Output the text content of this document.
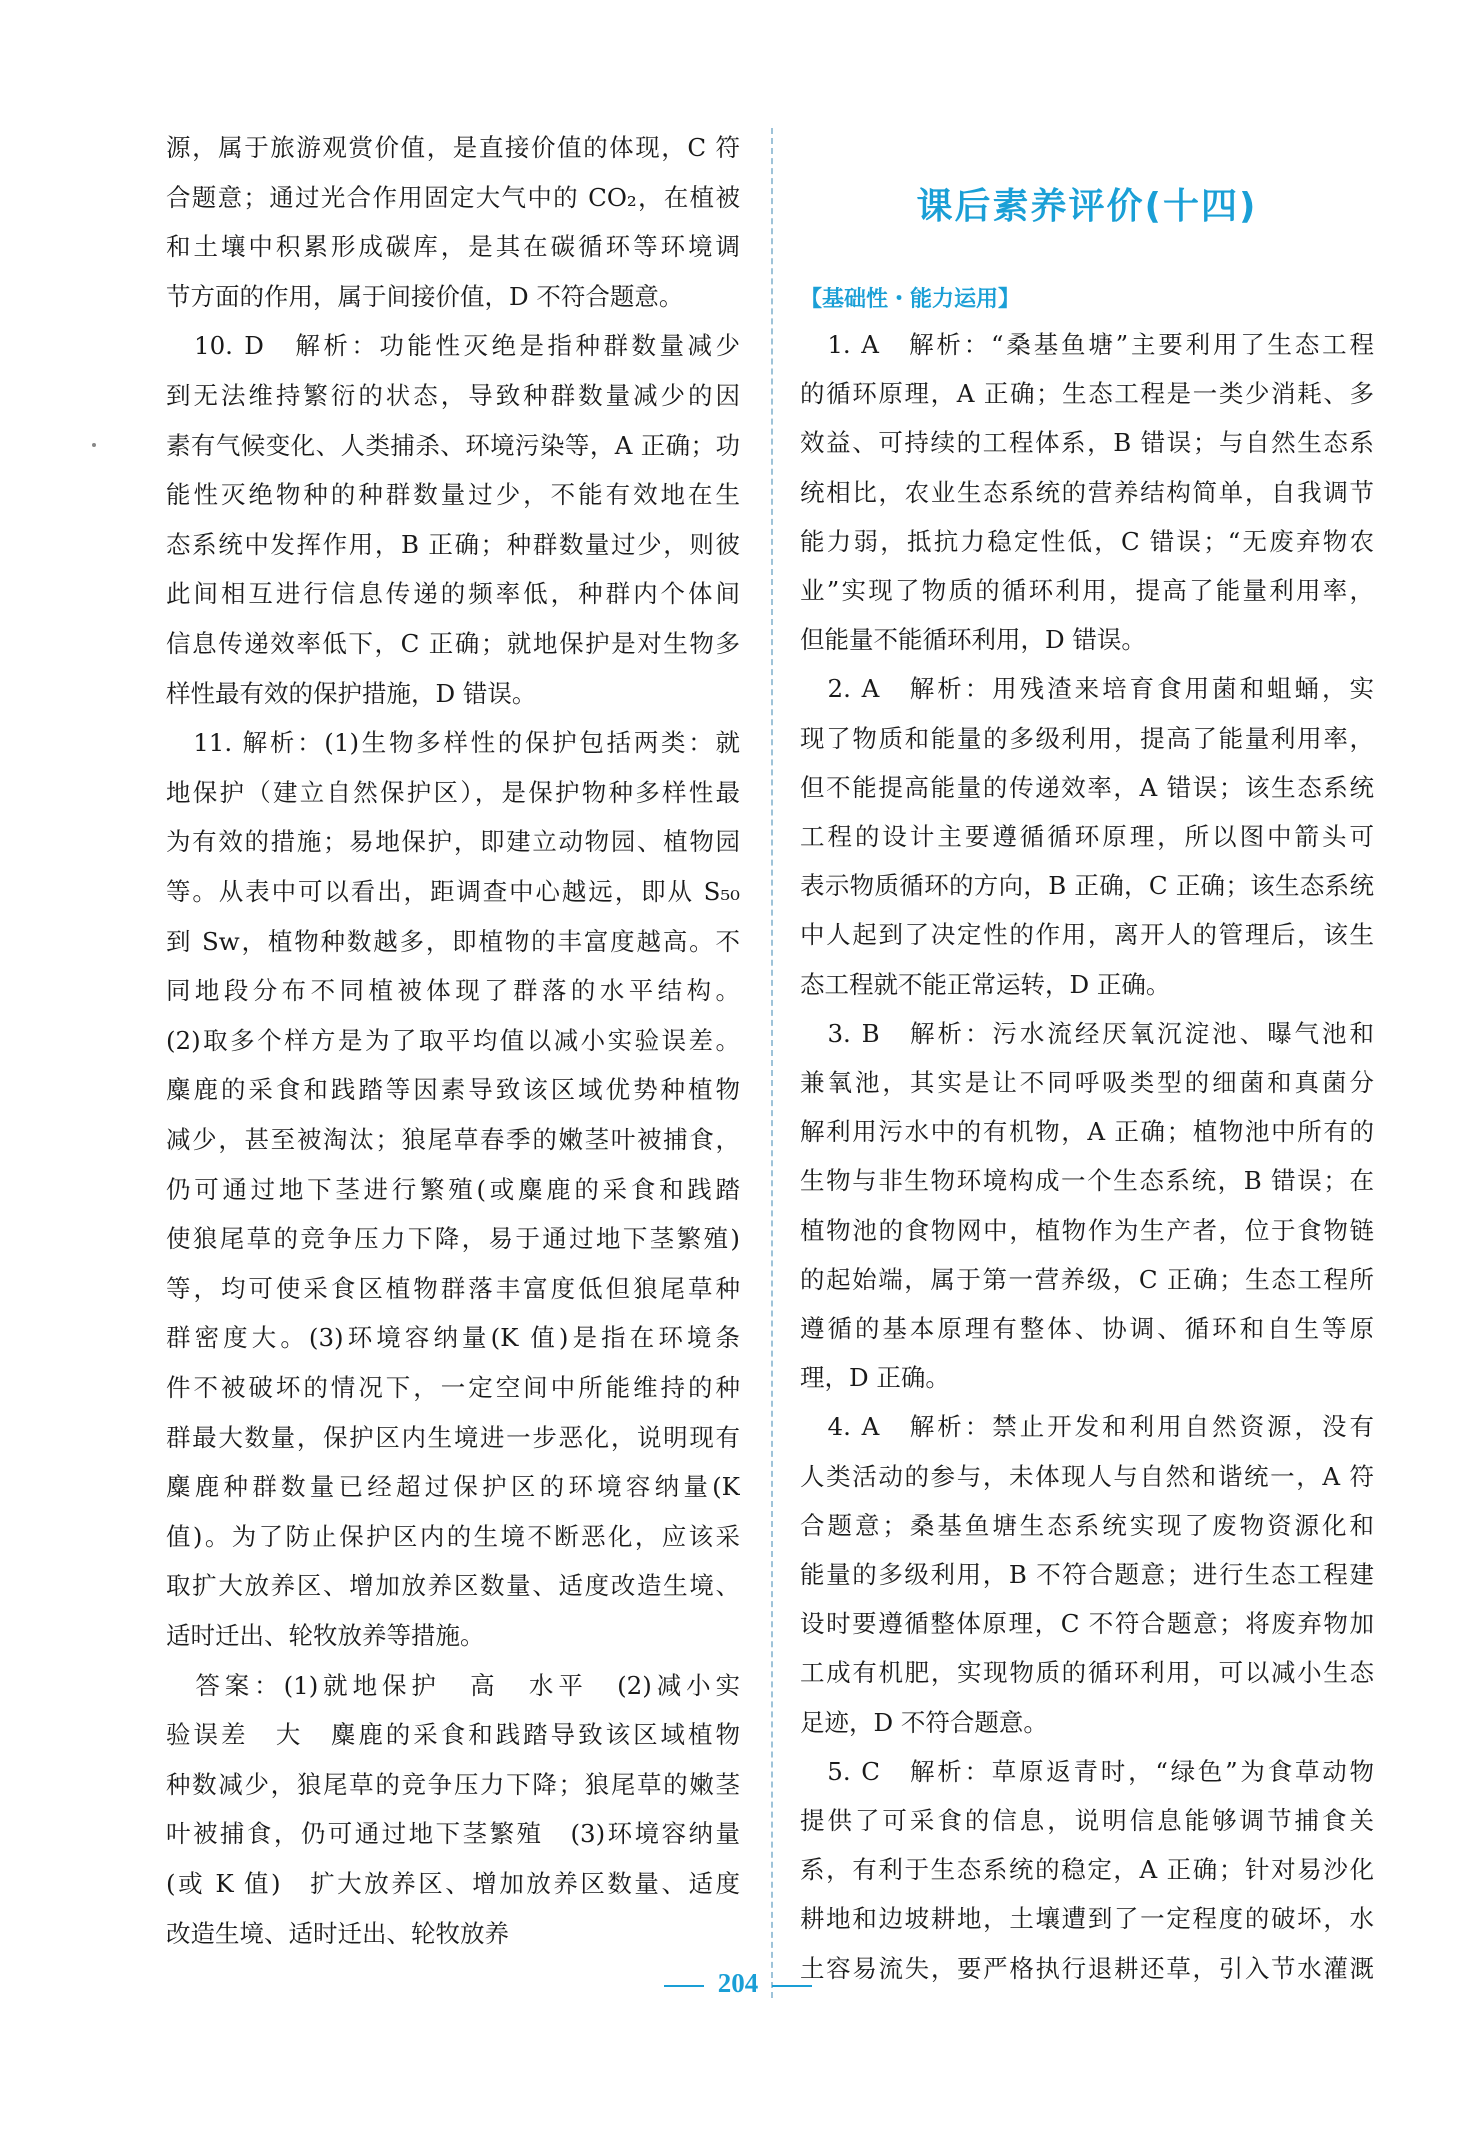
源，属于旅游观赏价值，是直接价值的体现，C 符
合题意；通过光合作用固定大气中的 CO₂，在植被
和土壤中积累形成碳库，是其在碳循环等环境调
节方面的作用，属于间接价值，D 不符合题意。
　10. D　解析：功能性灭绝是指种群数量减少
到无法维持繁衍的状态，导致种群数量减少的因
素有气候变化、人类捕杀、环境污染等，A 正确；功
能性灭绝物种的种群数量过少，不能有效地在生
态系统中发挥作用，B 正确；种群数量过少，则彼
此间相互进行信息传递的频率低，种群内个体间
信息传递效率低下，C 正确；就地保护是对生物多
样性最有效的保护措施，D 错误。
　11. 解析：(1)生物多样性的保护包括两类：就
地保护（建立自然保护区），是保护物种多样性最
为有效的措施；易地保护，即建立动物园、植物园
等。从表中可以看出，距调查中心越远，即从 S₅₀
到 Sw，植物种数越多，即植物的丰富度越高。不
同地段分布不同植被体现了群落的水平结构。
(2)取多个样方是为了取平均值以减小实验误差。
麋鹿的采食和践踏等因素导致该区域优势种植物
减少，甚至被淘汰；狼尾草春季的嫩茎叶被捕食，
仍可通过地下茎进行繁殖(或麋鹿的采食和践踏
使狼尾草的竞争压力下降，易于通过地下茎繁殖)
等，均可使采食区植物群落丰富度低但狼尾草种
群密度大。(3)环境容纳量(K 值)是指在环境条
件不被破坏的情况下，一定空间中所能维持的种
群最大数量，保护区内生境进一步恶化，说明现有
麋鹿种群数量已经超过保护区的环境容纳量(K
值)。为了防止保护区内的生境不断恶化，应该采
取扩大放养区、增加放养区数量、适度改造生境、
适时迁出、轮牧放养等措施。
　答案：(1)就地保护　高　水平　(2)减小实
验误差　大　麋鹿的采食和践踏导致该区域植物
种数减少，狼尾草的竞争压力下降；狼尾草的嫩茎
叶被捕食，仍可通过地下茎繁殖　(3)环境容纳量
(或 K 值)　扩大放养区、增加放养区数量、适度
改造生境、适时迁出、轮牧放养
课后素养评价(十四)
【基础性・能力运用】
　1. A　解析：“桑基鱼塘”主要利用了生态工程
的循环原理，A 正确；生态工程是一类少消耗、多
效益、可持续的工程体系，B 错误；与自然生态系
统相比，农业生态系统的营养结构简单，自我调节
能力弱，抵抗力稳定性低，C 错误；“无废弃物农
业”实现了物质的循环利用，提高了能量利用率，
但能量不能循环利用，D 错误。
　2. A　解析：用残渣来培育食用菌和蛆蛹，实
现了物质和能量的多级利用，提高了能量利用率，
但不能提高能量的传递效率，A 错误；该生态系统
工程的设计主要遵循循环原理，所以图中箭头可
表示物质循环的方向，B 正确，C 正确；该生态系统
中人起到了决定性的作用，离开人的管理后，该生
态工程就不能正常运转，D 正确。
　3. B　解析：污水流经厌氧沉淀池、曝气池和
兼氧池，其实是让不同呼吸类型的细菌和真菌分
解利用污水中的有机物，A 正确；植物池中所有的
生物与非生物环境构成一个生态系统，B 错误；在
植物池的食物网中，植物作为生产者，位于食物链
的起始端，属于第一营养级，C 正确；生态工程所
遵循的基本原理有整体、协调、循环和自生等原
理，D 正确。
　4. A　解析：禁止开发和利用自然资源，没有
人类活动的参与，未体现人与自然和谐统一，A 符
合题意；桑基鱼塘生态系统实现了废物资源化和
能量的多级利用，B 不符合题意；进行生态工程建
设时要遵循整体原理，C 不符合题意；将废弃物加
工成有机肥，实现物质的循环利用，可以减小生态
足迹，D 不符合题意。
　5. C　解析：草原返青时，“绿色”为食草动物
提供了可采食的信息，说明信息能够调节捕食关
系，有利于生态系统的稳定，A 正确；针对易沙化
耕地和边坡耕地，土壤遭到了一定程度的破坏，水
土容易流失，要严格执行退耕还草，引入节水灌溉
204
